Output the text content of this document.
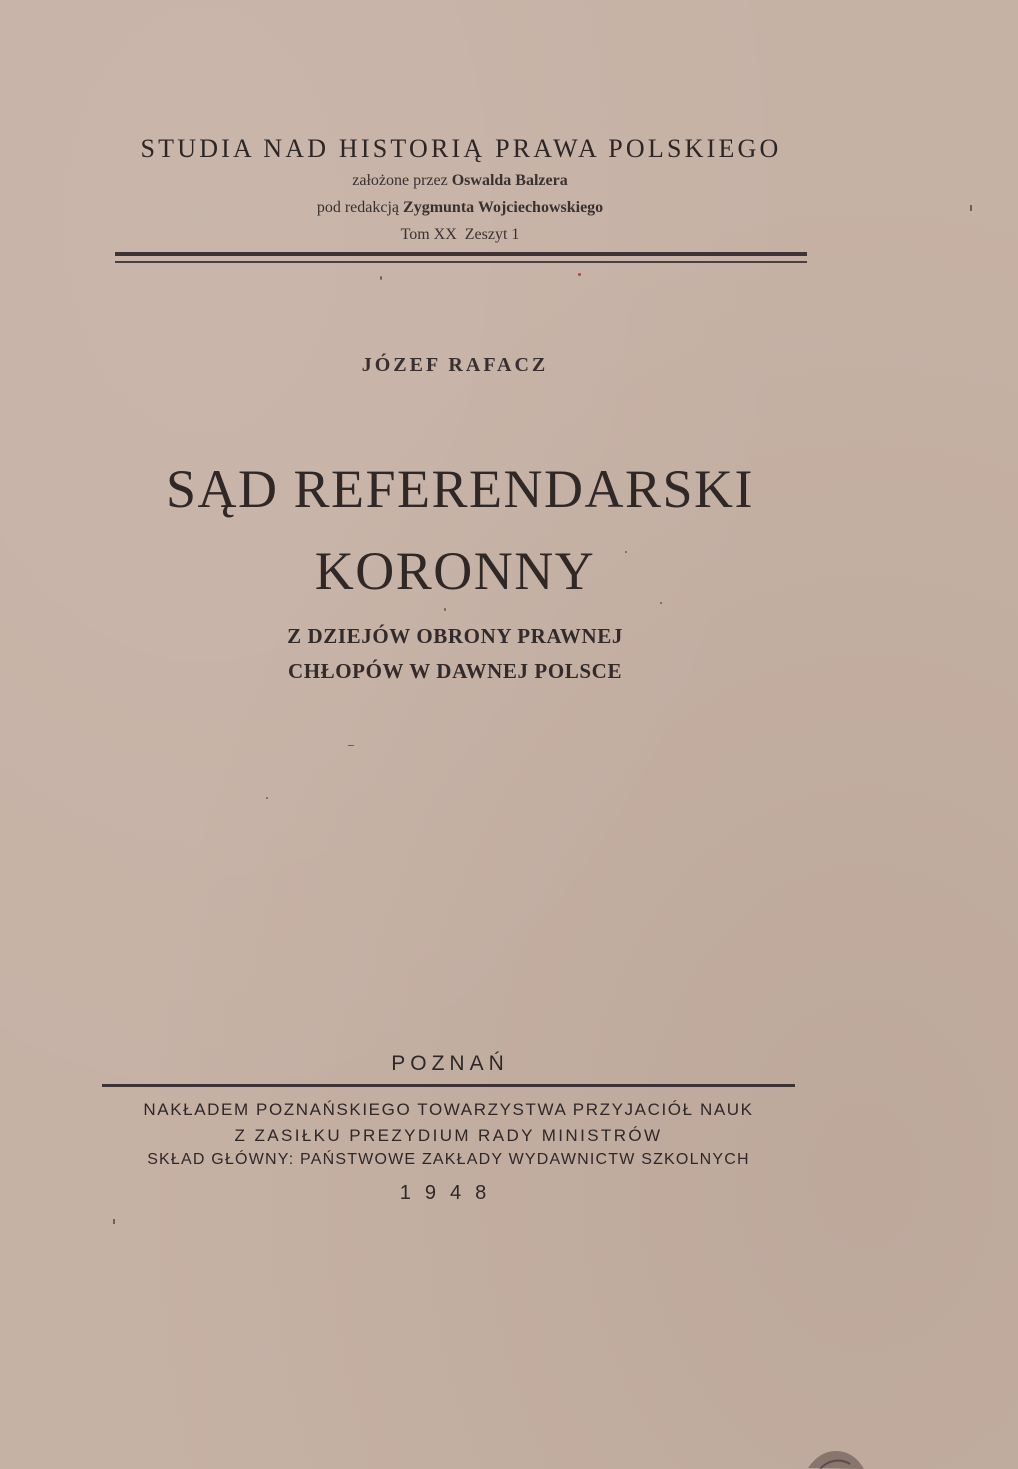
STUDIA NAD HISTORIĄ PRAWA POLSKIEGO
założone przez Oswalda Balzera
pod redakcją Zygmunta Wojciechowskiego
Tom XX  Zeszyt 1
JÓZEF RAFACZ
SĄD REFERENDARSKI
KORONNY
Z DZIEJÓW OBRONY PRAWNEJ
CHŁOPÓW W DAWNEJ POLSCE
POZNAŃ
NAKŁADEM POZNAŃSKIEGO TOWARZYSTWA PRZYJACIÓŁ NAUK
Z ZASIŁKU PREZYDIUM RADY MINISTRÓW
SKŁAD GŁÓWNY: PAŃSTWOWE ZAKŁADY WYDAWNICTW SZKOLNYCH
1948
